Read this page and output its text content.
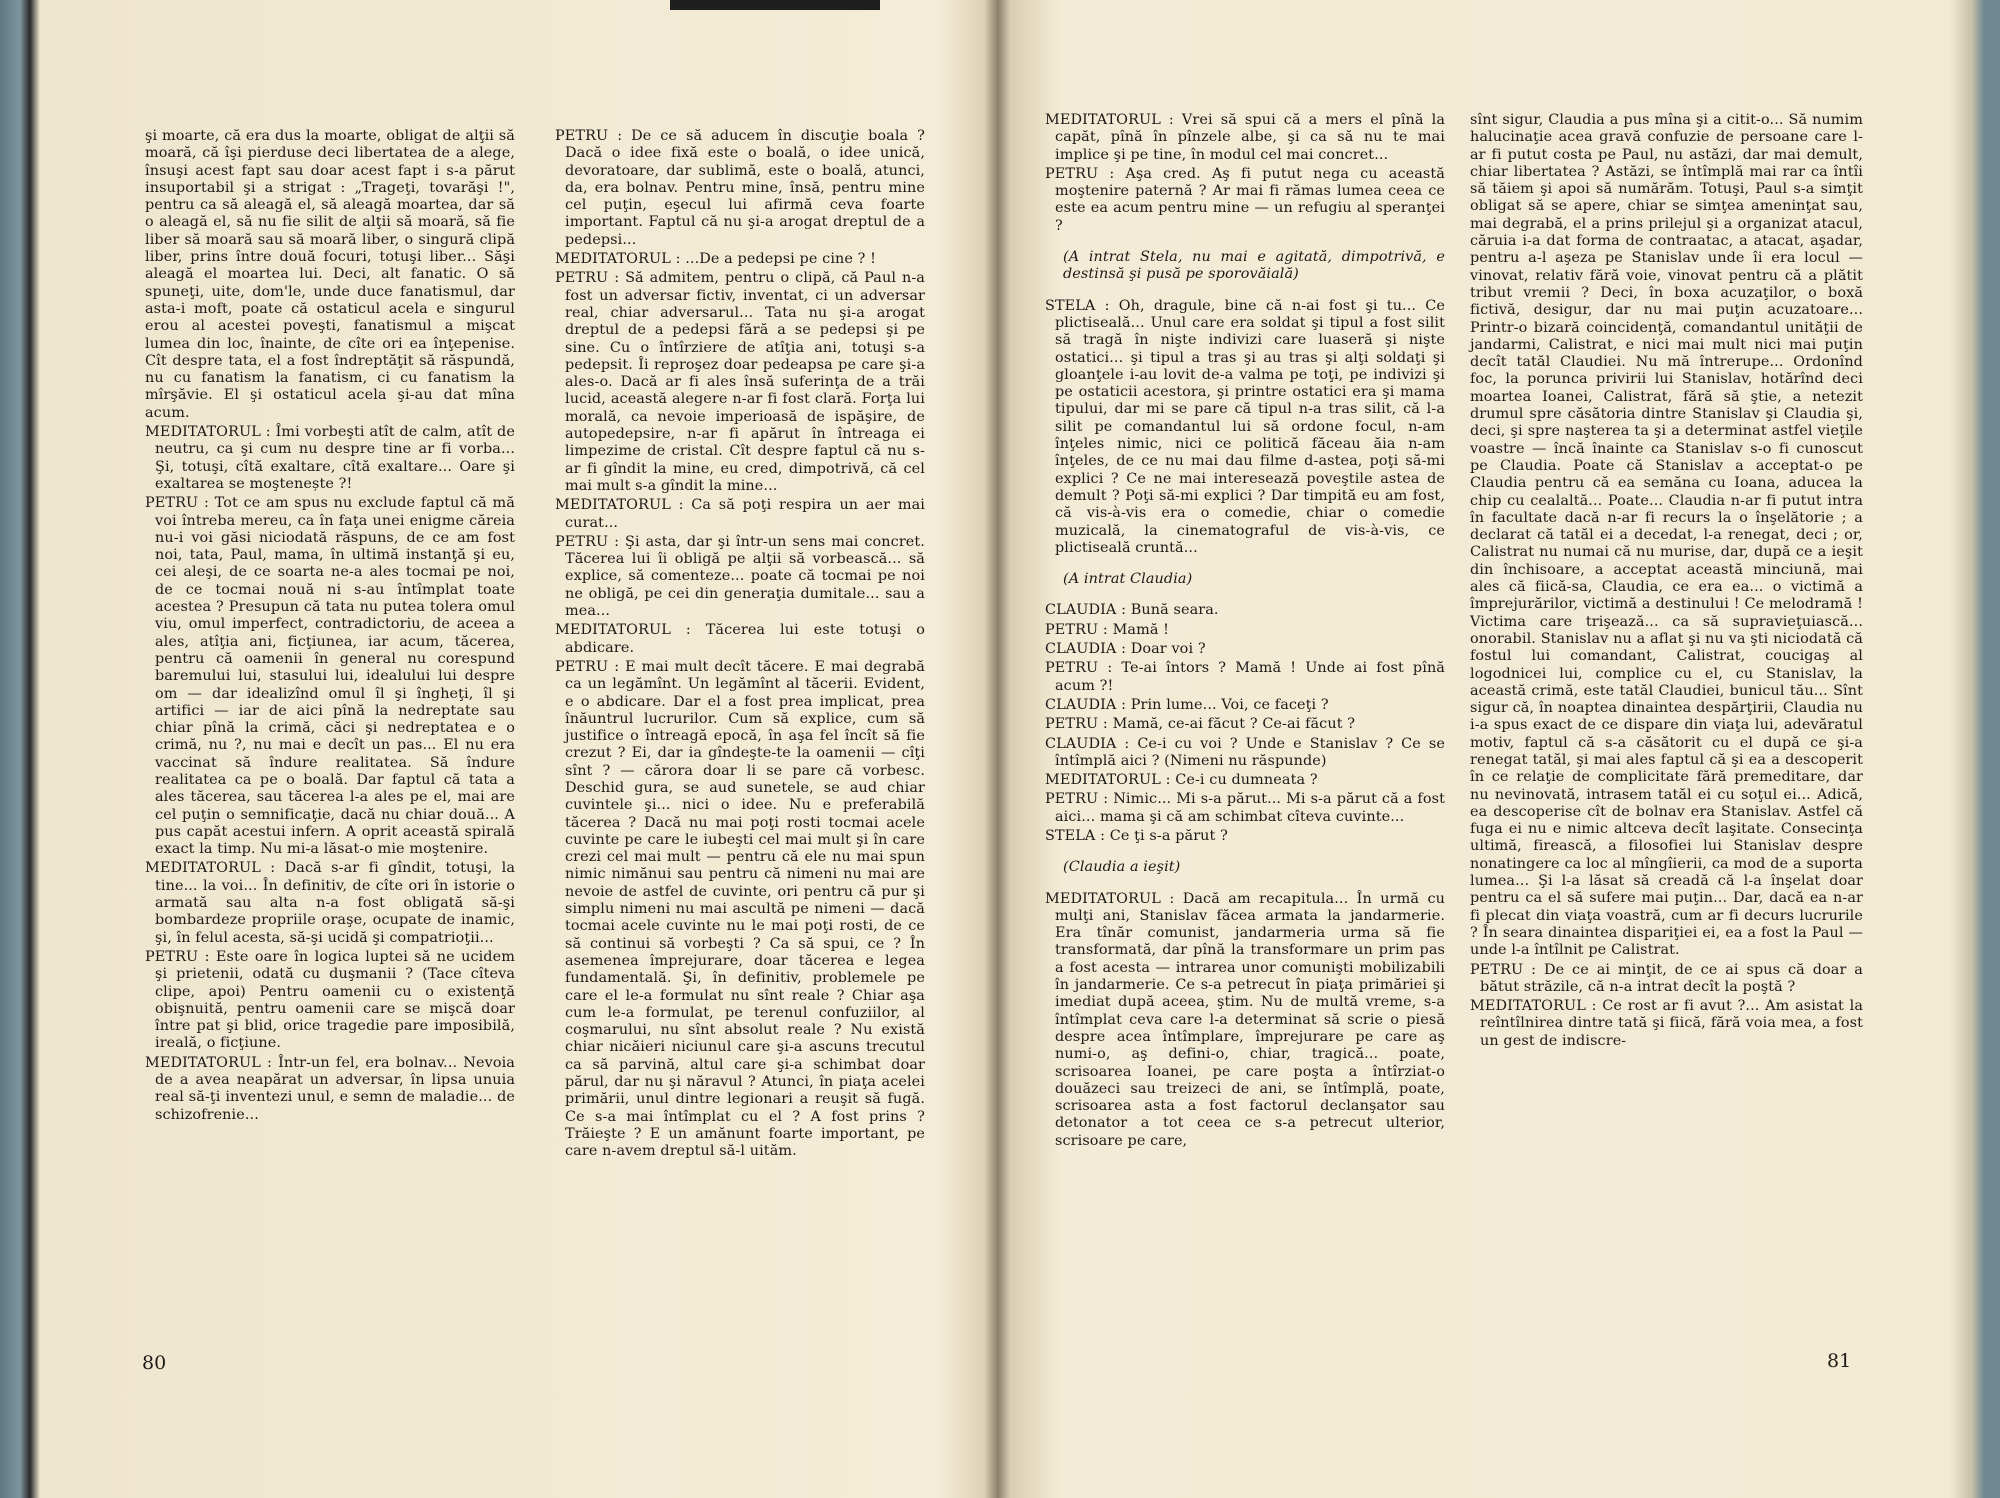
şi moarte, că era dus la moarte, obligat de alţii să moară, că îşi pierduse deci libertatea de a alege, însuşi acest fapt sau doar acest fapt i s-a părut insuportabil şi a strigat : „Trageţi, tovarăşi !", pentru ca să aleagă el, să aleagă moartea, dar să o aleagă el, să nu fie silit de alţii să moară, să fie liber să moară sau să moară liber, o singură clipă liber, prins între două focuri, totuşi liber... Săşi aleagă el moartea lui. Deci, alt fanatic. O să spuneţi, uite, dom'le, unde duce fanatismul, dar asta-i moft, poate că ostaticul acela e singurul erou al acestei poveşti, fanatismul a mişcat lumea din loc, înainte, de cîte ori ea înţepenise. Cît despre tata, el a fost îndreptăţit să răspundă, nu cu fanatism la fanatism, ci cu fanatism la mîrşăvie. El şi ostaticul acela şi-au dat mîna acum.
MEDITATORUL : Îmi vorbeşti atît de calm, atît de neutru, ca şi cum nu despre tine ar fi vorba... Şi, totuşi, cîtă exaltare, cîtă exaltare... Oare şi exaltarea se moştenește ?!
PETRU : Tot ce am spus nu exclude faptul că mă voi întreba mereu, ca în faţa unei enigme căreia nu-i voi găsi niciodată răspuns, de ce am fost noi, tata, Paul, mama, în ultimă instanţă şi eu, cei aleşi, de ce soarta ne-a ales tocmai pe noi, de ce tocmai nouă ni s-au întîmplat toate acestea ? Presupun că tata nu putea tolera omul viu, omul imperfect, contradictoriu, de aceea a ales, atîţia ani, ficţiunea, iar acum, tăcerea, pentru că oamenii în general nu corespund baremului lui, stasului lui, idealului lui despre om — dar idealizînd omul îl şi îngheţi, îl şi artifici — iar de aici pînă la nedreptate sau chiar pînă la crimă, căci şi nedreptatea e o crimă, nu ?, nu mai e decît un pas... El nu era vaccinat să îndure realitatea. Să îndure realitatea ca pe o boală. Dar faptul că tata a ales tăcerea, sau tăcerea l-a ales pe el, mai are cel puţin o semnificaţie, dacă nu chiar două... A pus capăt acestui infern. A oprit această spirală exact la timp. Nu mi-a lăsat-o mie moştenire.
MEDITATORUL : Dacă s-ar fi gîndit, totuşi, la tine... la voi... În definitiv, de cîte ori în istorie o armată sau alta n-a fost obligată să-şi bombardeze propriile oraşe, ocupate de inamic, şi, în felul acesta, să-şi ucidă şi compatrioţii...
PETRU : Este oare în logica luptei să ne ucidem şi prietenii, odată cu duşmanii ? (Tace cîteva clipe, apoi) Pentru oamenii cu o existenţă obişnuită, pentru oamenii care se mişcă doar între pat şi blid, orice tragedie pare imposibilă, ireală, o ficţiune.
MEDITATORUL : Într-un fel, era bolnav... Nevoia de a avea neapărat un adversar, în lipsa unuia real să-ţi inventezi unul, e semn de maladie... de schizofrenie...
PETRU : De ce să aducem în discuţie boala ? Dacă o idee fixă este o boală, o idee unică, devoratoare, dar sublimă, este o boală, atunci, da, era bolnav. Pentru mine, însă, pentru mine cel puţin, eşecul lui afirmă ceva foarte important. Faptul că nu şi-a arogat dreptul de a pedepsi...
MEDITATORUL : ...De a pedepsi pe cine ? !
PETRU : Să admitem, pentru o clipă, că Paul n-a fost un adversar fictiv, inventat, ci un adversar real, chiar adversarul... Tata nu şi-a arogat dreptul de a pedepsi fără a se pedepsi şi pe sine. Cu o întîrziere de atîţia ani, totuşi s-a pedepsit. Îi reproşez doar pedeapsa pe care şi-a ales-o. Dacă ar fi ales însă suferinţa de a trăi lucid, această alegere n-ar fi fost clară. Forţa lui morală, ca nevoie imperioasă de ispăşire, de autopedepsire, n-ar fi apărut în întreaga ei limpezime de cristal. Cît despre faptul că nu s-ar fi gîndit la mine, eu cred, dimpotrivă, că cel mai mult s-a gîndit la mine...
MEDITATORUL : Ca să poţi respira un aer mai curat...
PETRU : Şi asta, dar şi într-un sens mai concret. Tăcerea lui îi obligă pe alţii să vorbească... să explice, să comenteze... poate că tocmai pe noi ne obligă, pe cei din generaţia dumitale... sau a mea...
MEDITATORUL : Tăcerea lui este totuşi o abdicare.
PETRU : E mai mult decît tăcere. E mai degrabă ca un legămînt. Un legămînt al tăcerii. Evident, e o abdicare. Dar el a fost prea implicat, prea înăuntrul lucrurilor. Cum să explice, cum să justifice o întreagă epocă, în aşa fel încît să fie crezut ? Ei, dar ia gîndeşte-te la oamenii — cîţi sînt ? — cărora doar li se pare că vorbesc. Deschid gura, se aud sunetele, se aud chiar cuvintele şi... nici o idee. Nu e preferabilă tăcerea ? Dacă nu mai poţi rosti tocmai acele cuvinte pe care le iubeşti cel mai mult şi în care crezi cel mai mult — pentru că ele nu mai spun nimic nimănui sau pentru că nimeni nu mai are nevoie de astfel de cuvinte, ori pentru că pur şi simplu nimeni nu mai ascultă pe nimeni — dacă tocmai acele cuvinte nu le mai poţi rosti, de ce să continui să vorbeşti ? Ca să spui, ce ? În asemenea împrejurare, doar tăcerea e legea fundamentală. Şi, în definitiv, problemele pe care el le-a formulat nu sînt reale ? Chiar aşa cum le-a formulat, pe terenul confuziilor, al coşmarului, nu sînt absolut reale ? Nu există chiar nicăieri niciunul care şi-a ascuns trecutul ca să parvină, altul care şi-a schimbat doar părul, dar nu şi năravul ? Atunci, în piaţa acelei primării, unul dintre legionari a reuşit să fugă. Ce s-a mai întîmplat cu el ? A fost prins ? Trăieşte ? E un amănunt foarte important, pe care n-avem dreptul să-l uităm.
80
MEDITATORUL : Vrei să spui că a mers el pînă la capăt, pînă în pînzele albe, şi ca să nu te mai implice şi pe tine, în modul cel mai concret...
PETRU : Aşa cred. Aş fi putut nega cu această moştenire paternă ? Ar mai fi rămas lumea ceea ce este ea acum pentru mine — un refugiu al speranţei ?
(A intrat Stela, nu mai e agitată, dimpotrivă, e destinsă şi pusă pe sporovăială)
STELA : Oh, dragule, bine că n-ai fost şi tu... Ce plictiseală... Unul care era soldat şi tipul a fost silit să tragă în nişte indivizi care luaseră şi nişte ostatici... şi tipul a tras şi au tras şi alţi soldaţi şi gloanţele i-au lovit de-a valma pe toţi, pe indivizi şi pe ostaticii acestora, şi printre ostatici era şi mama tipului, dar mi se pare că tipul n-a tras silit, că l-a silit pe comandantul lui să ordone focul, n-am înţeles nimic, nici ce politică făceau ăia n-am înţeles, de ce nu mai dau filme d-astea, poţi să-mi explici ? Ce ne mai interesează poveştile astea de demult ? Poţi să-mi explici ? Dar timpită eu am fost, că vis-à-vis era o comedie, chiar o comedie muzicală, la cinematograful de vis-à-vis, ce plictiseală cruntă...
(A intrat Claudia)
CLAUDIA : Bună seara.
PETRU : Mamă !
CLAUDIA : Doar voi ?
PETRU : Te-ai întors ? Mamă ! Unde ai fost pînă acum ?!
CLAUDIA : Prin lume... Voi, ce faceţi ?
PETRU : Mamă, ce-ai făcut ? Ce-ai făcut ?
CLAUDIA : Ce-i cu voi ? Unde e Stanislav ? Ce se întîmplă aici ? (Nimeni nu răspunde)
MEDITATORUL : Ce-i cu dumneata ?
PETRU : Nimic... Mi s-a părut... Mi s-a părut că a fost aici... mama şi că am schimbat cîteva cuvinte...
STELA : Ce ţi s-a părut ?
(Claudia a ieşit)
MEDITATORUL : Dacă am recapitula... În urmă cu mulţi ani, Stanislav făcea armata la jandarmerie. Era tînăr comunist, jandarmeria urma să fie transformată, dar pînă la transformare un prim pas a fost acesta — intrarea unor comunişti mobilizabili în jandarmerie. Ce s-a petrecut în piaţa primăriei şi imediat după aceea, ştim. Nu de multă vreme, s-a întîmplat ceva care l-a determinat să scrie o piesă despre acea întîmplare, împrejurare pe care aş numi-o, aş defini-o, chiar, tragică... poate, scrisoarea Ioanei, pe care poşta a întîrziat-o douăzeci sau treizeci de ani, se întîmplă, poate, scrisoarea asta a fost factorul declanşator sau detonator a tot ceea ce s-a petrecut ulterior, scrisoare pe care,
sînt sigur, Claudia a pus mîna şi a citit-o... Să numim halucinaţie acea gravă confuzie de persoane care l-ar fi putut costa pe Paul, nu astăzi, dar mai demult, chiar libertatea ? Astăzi, se întîmplă mai rar ca întîi să tăiem şi apoi să numărăm. Totuşi, Paul s-a simţit obligat să se apere, chiar se simţea ameninţat sau, mai degrabă, el a prins prilejul şi a organizat atacul, căruia i-a dat forma de contraatac, a atacat, aşadar, pentru a-l aşeza pe Stanislav unde îi era locul — vinovat, relativ fără voie, vinovat pentru că a plătit tribut vremii ? Deci, în boxa acuzaţilor, o boxă fictivă, desigur, dar nu mai puţin acuzatoare... Printr-o bizară coincidenţă, comandantul unităţii de jandarmi, Calistrat, e nici mai mult nici mai puţin decît tatăl Claudiei. Nu mă întrerupe... Ordonînd foc, la porunca privirii lui Stanislav, hotărînd deci moartea Ioanei, Calistrat, fără să ştie, a netezit drumul spre căsătoria dintre Stanislav şi Claudia şi, deci, şi spre naşterea ta şi a determinat astfel vieţile voastre — încă înainte ca Stanislav s-o fi cunoscut pe Claudia. Poate că Stanislav a acceptat-o pe Claudia pentru că ea semăna cu Ioana, aducea la chip cu cealaltă... Poate... Claudia n-ar fi putut intra în facultate dacă n-ar fi recurs la o înşelătorie ; a declarat că tatăl ei a decedat, l-a renegat, deci ; or, Calistrat nu numai că nu murise, dar, după ce a ieşit din închisoare, a acceptat această minciună, mai ales că fiică-sa, Claudia, ce era ea... o victimă a împrejurărilor, victimă a destinului ! Ce melodramă ! Victima care trişează... ca să supravieţuiască... onorabil. Stanislav nu a aflat şi nu va şti niciodată că fostul lui comandant, Calistrat, coucigaş al logodnicei lui, complice cu el, cu Stanislav, la această crimă, este tatăl Claudiei, bunicul tău... Sînt sigur că, în noaptea dinaintea despărţirii, Claudia nu i-a spus exact de ce dispare din viaţa lui, adevăratul motiv, faptul că s-a căsătorit cu el după ce şi-a renegat tatăl, şi mai ales faptul că şi ea a descoperit în ce relaţie de complicitate fără premeditare, dar nu nevinovată, intrasem tatăl ei cu soţul ei... Adică, ea descoperise cît de bolnav era Stanislav. Astfel că fuga ei nu e nimic altceva decît laşitate. Consecinţa ultimă, firească, a filosofiei lui Stanislav despre nonatingere ca loc al mîngîierii, ca mod de a suporta lumea... Şi l-a lăsat să creadă că l-a înşelat doar pentru ca el să sufere mai puţin... Dar, dacă ea n-ar fi plecat din viaţa voastră, cum ar fi decurs lucrurile ? În seara dinaintea dispariţiei ei, ea a fost la Paul — unde l-a întîlnit pe Calistrat.
PETRU : De ce ai minţit, de ce ai spus că doar a bătut străzile, că n-a intrat decît la poştă ?
MEDITATORUL : Ce rost ar fi avut ?... Am asistat la reîntîlnirea dintre tată şi fiică, fără voia mea, a fost un gest de indiscre-
81
